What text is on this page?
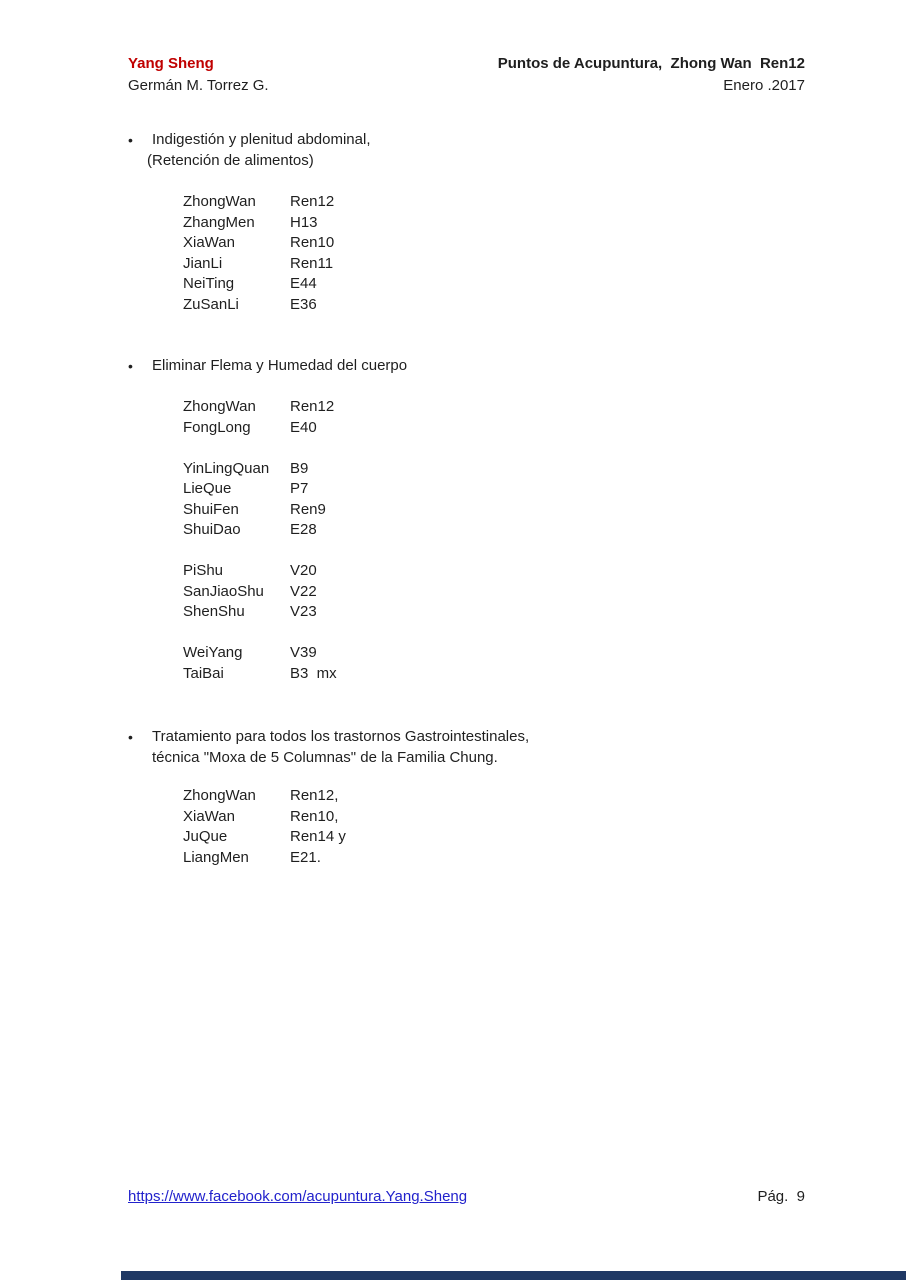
Yang Sheng	Puntos de Acupuntura,  Zhong Wan  Ren12
Germán M. Torrez G.	Enero .2017
•	Indigestión y plenitud abdominal,
(Retención de alimentos)
ZhongWan	Ren12
ZhangMen	H13
XiaWan	Ren10
JianLi	Ren11
NeiTing	E44
ZuSanLi	E36
•	Eliminar Flema y Humedad del cuerpo
ZhongWan	Ren12
FongLong	E40
YinLingQuan	B9
LieQue	P7
ShuiFen	Ren9
ShuiDao	E28
PiShu	V20
SanJiaoShu	V22
ShenShu	V23
WeiYang	V39
TaiBai	B3  mx
•	Tratamiento para todos los trastornos Gastrointestinales,
técnica "Moxa de 5 Columnas" de la Familia Chung.
ZhongWan	Ren12,
XiaWan	Ren10,
JuQue	Ren14 y
LiangMen	E21.
https://www.facebook.com/acupuntura.Yang.Sheng	Pág.  9
